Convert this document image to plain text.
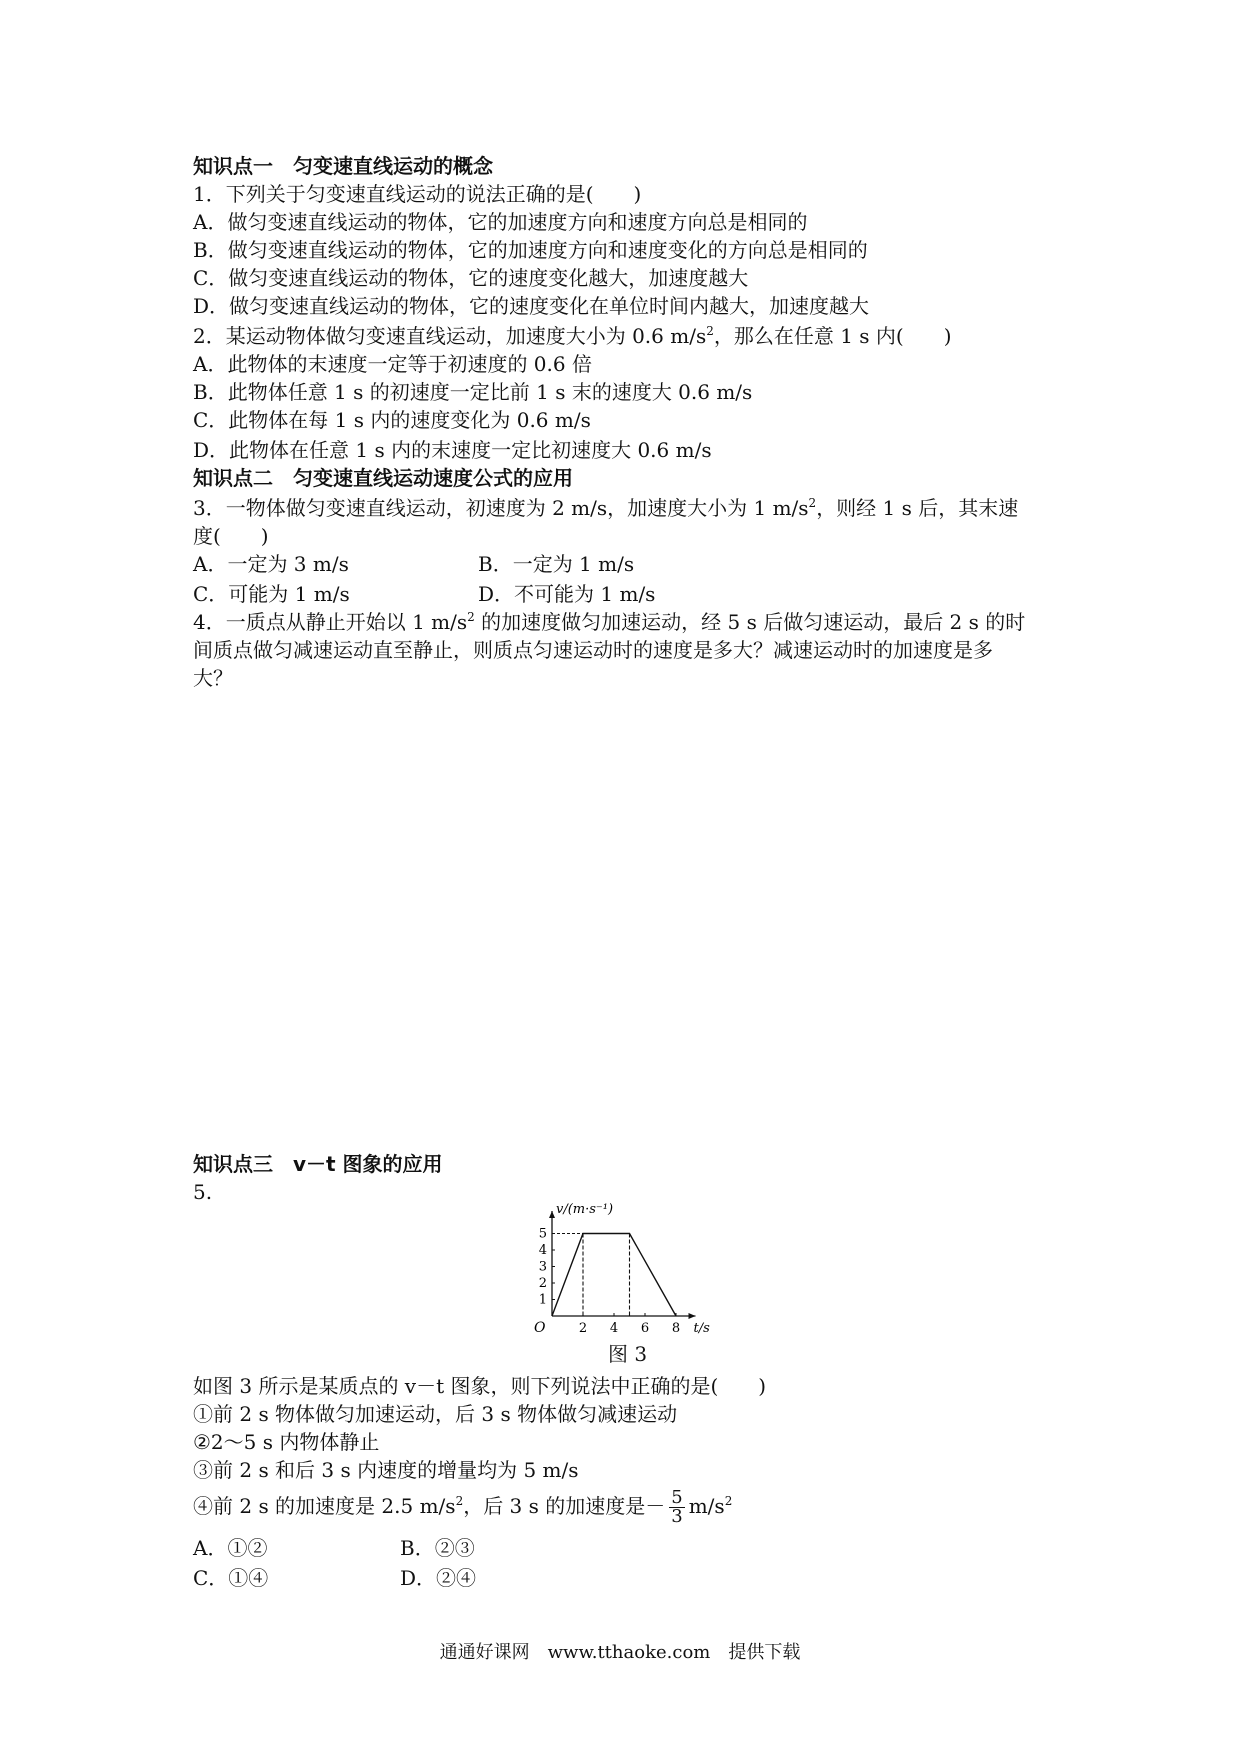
知识点一　匀变速直线运动的概念
1．下列关于匀变速直线运动的说法正确的是(　　)
A．做匀变速直线运动的物体，它的加速度方向和速度方向总是相同的
B．做匀变速直线运动的物体，它的加速度方向和速度变化的方向总是相同的
C．做匀变速直线运动的物体，它的速度变化越大，加速度越大
D．做匀变速直线运动的物体，它的速度变化在单位时间内越大，加速度越大
2．某运动物体做匀变速直线运动，加速度大小为 0.6 $m/s^2$，那么在任意 1 s 内(　　)
A．此物体的末速度一定等于初速度的 0.6 倍
B．此物体任意 1 s 的初速度一定比前 1 s 末的速度大 0.6 m/s
C．此物体在每 1 s 内的速度变化为 0.6 m/s
D．此物体在任意 1 s 内的末速度一定比初速度大 0.6 m/s
知识点二　匀变速直线运动速度公式的应用
3．一物体做匀变速直线运动，初速度为 2 m/s，加速度大小为 1 $m/s^2$，则经 1 s 后，其末速
度(　　)
A．一定为 3 m/s	B．一定为 1 m/s
C．可能为 1 m/s	D．不可能为 1 m/s
4．一质点从静止开始以 1 $m/s^2$ 的加速度做匀加速运动，经 5 s 后做匀速运动，最后 2 s 的时
间质点做匀减速运动直至静止，则质点匀速运动时的速度是多大？减速运动时的加速度是多
大？
知识点三　v－t 图象的应用
5.
2 4 6 8
1
2
3
4
5
v/(m·s⁻¹)
t/s
O
图 3
如图 3 所示是某质点的 v－t 图象，则下列说法中正确的是(　　)
①前 2 s 物体做匀加速运动，后 3 s 物体做匀减速运动
②2～5 s 内物体静止
③前 2 s 和后 3 s 内速度的增量均为 5 m/s
④前 2 s 的加速度是 2.5 $m/s^2$，后 3 s 的加速度是－ $\frac{5}{3} m/s^2$
A．①②	B．②③
C．①④	D．②④
通通好课网　www.tthaoke.com　提供下载
